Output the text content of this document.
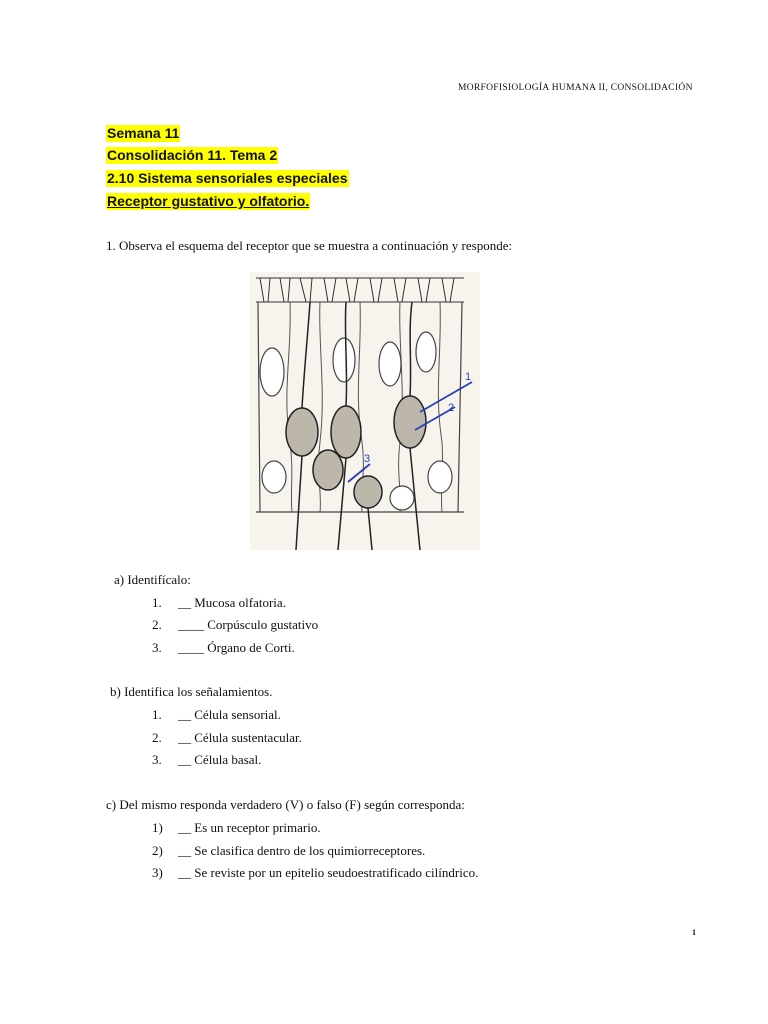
MORFOFISIOLOGÍA HUMANA II, CONSOLIDACIÓN
Semana 11
Consolidación 11. Tema 2
2.10 Sistema sensoriales especiales
Receptor gustativo y olfatorio.
1. Observa el esquema del receptor que se muestra a continuación y responde:
1
2
3
a) Identifícalo:
1. __ Mucosa olfatoria.
2. ____ Corpúsculo gustativo
3. ____ Órgano de Corti.
b) Identifica los señalamientos.
1. __ Célula sensorial.
2. __ Célula sustentacular.
3. __ Célula basal.
c) Del mismo responda verdadero (V) o falso (F) según corresponda:
1) __ Es un receptor primario.
2) __ Se clasifica dentro de los quimiorreceptores.
3) __ Se reviste por un epitelio seudoestratificado cilíndrico.
1
